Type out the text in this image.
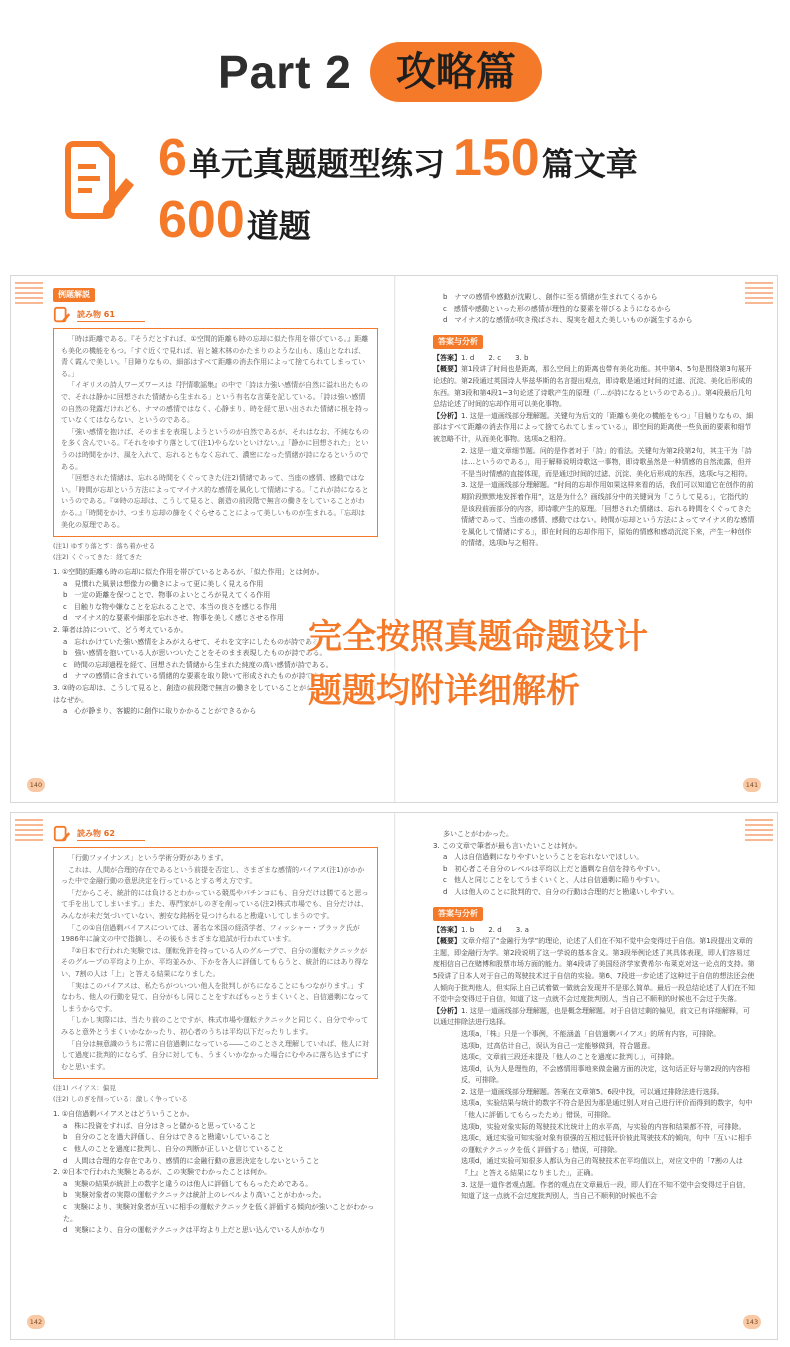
Part 2	攻略篇
6 单元真题题型练习 150 篇文章
600 道题
例题解説
読み物 61

「時は距離である。『そうだとすれば、①空間的距離も時の忘却に似た作用を帯びている。』距離も美化の機能をもつ。「すぐ近くで見れば、岩と雑木林のかたまりのような山も、遠山となれば、青く霞んで美しい。「目障りなもの、細部はすべて距離の消去作用によって捨てられてしまっている。」

「イギリスの詩人ワーズワースは『抒情歌謡集』の中で「詩は力強い感情が自然に溢れ出たもので、それは静かに回想された情緒から生まれる」という有名な言葉を記している。「詩は強い感情の自然の発露だけれども、ナマの感情ではなく、心静まり、時を経て思い出された情緒に根を持っていなくてはならない、というのである。

「強い感情を抱けば、そのままを表現しようというのが自然であるが、それはなお、不純なものを多く含んでいる。『それをゆすり落として(注1)やらないといけない。』「静かに回想された」というのは時間をかけ、風を入れて、忘れるともなく忘れて、濃密になった情緒が詩になるというのである。

「回想された情緒は、忘れる時間をくぐってきた(注2)情緒であって、当座の感情、感動ではない。「時間が忘却という方法によってマイナス的な感情を風化して情緒にする。「これが詩になるというのである。『②時の忘却は、こうして見ると、創造の前段階で無言の働きをしていることがわかる。』「時間をかけ、つまり忘却の篩をくぐらせることによって美しいものが生まれる。「忘却は美化の原理である。

(注1) ゆすり落とす：落ち着かせる
(注2) くぐってきた：経てきた
1. ①空間的距離も時の忘却に似た作用を帯びているとあるが、「似た作用」とは何か。
a　見慣れた風景は想像力の働きによって更に美しく見える作用
b　一定の距離を保つことで、物事のよいところが見えてくる作用
c　目触りな物や嫌なことを忘れることで、本当の良さを感じる作用
d　マイナス的な要素や細部を忘れさせ、物事を美しく感じさせる作用
2. 筆者は詩について、どう考えているか。
a　忘れかけていた強い感情をよみがえらせて、それを文字にしたものが詩である。
b　強い感情を抱いている人が思いついたことをそのまま表現したものが詩である。
c　時間の忘却過程を経て、回想された情緒から生まれた純度の高い感情が詩である。
d　ナマの感情に含まれている情緒的な要素を取り除いて形成されたものが詩である。
3. ②時の忘却は、こうして見ると、創造の前段階で無言の働きをしていることがわかるとあるが、それはなぜか。
a　心が静まり、客観的に創作に取りかかることができるから
140
b　ナマの感情や感動が沈殿し、創作に至る情緒が生まれてくるから
c　感情や感動といった形の感情が理性的な要素を帯びるようになるから
d　マイナス的な感情が吹き飛ばされ、現実を超えた美しいものが誕生するから
答案与分析

【答案】1. d　　2. c　　3. b

【概要】第1段讲了时间也是距离，那么空间上的距离也带有美化功能。其中第4、5句是围绕第3句展开论述的。第2段通过英国诗人华兹华斯的名言提出观点，即诗歌是通过时间的过滤、沉淀、美化后形成的东西。第3段和第4段1~3句论述了诗歌产生的原理（「…が詩になるというのである」）。第4段最后几句总结论述了时间的忘却作用可以美化事物。

【分析】1. 这是一道画线部分理解题。关键句为后文的「距離も美化の機能をもつ」「目触りなもの、細部はすべて距離の消去作用によって捨てられてしまっている」，即空间的距离使一些负面的要素和细节被忽略不计，从而美化事物。选项a之相符。

2. 这是一道文章细节题。问的是作者对于「詩」的看法。关键句为第2段第2句，其主干为「詩は…というのである」，用于解释说明诗歌这一事物，即诗歌虽然是一种情感的自然流露，但并不是当时情感的直接体现，而是通过时间的过滤、沉淀、美化后形成的东西，选项c与之相符。

3. 这是一道画线部分理解题。“时间的忘却作用如果这样来看的话，我们可以知道它在创作的前期阶段默默地发挥着作用”，这是为什么？画线部分中的关键词为「こうして見る」，它指代的是该段前面部分的内容，即诗歌产生的原理。「回想された情緒は、忘れる時間をくぐってきた情緒であって、当座の感情、感動ではない。時間が忘却という方法によってマイナス的な感情を風化して情緒にする」，即在时间的忘却作用下，原始的情感和感动沉淀下来，产生一种创作的情绪，选项b与之相符。

141
読み物 62

「行動ファイナンス」という学術分野があります。

これは、人間が合理的存在であるという前提を否定し、さまざまな感情的バイアス(注1)がかかった中で金融行動の意思決定を行っているとする考え方です。

「だからこそ、統計的には負けるとわかっている競馬やパチンコにも、自分だけは勝てると思って手を出してしまいます。」また、専門家がしのぎを削っている(注2)株式市場でも、自分だけは、みんなが未だ気づいていない、割安な銘柄を見つけられると勘違いしてしまうのです。

「この①自信過剰バイアスについては、著名な米国の経済学者、フィッシャー・ブラック氏が1986年に論文の中で指摘し、その後もさまざまな追試が行われています。

『②日本で行われた実験では、運転免許を持っている人のグループで、自分の運転テクニックがそのグループの平均より上か、平均並みか、下かを各人に評価してもらうと、統計的にはあり得ない、7割の人は「上」と答える結果になりました。

「実はこのバイアスは、私たちがついつい他人を批判しがちになることにもつながります。」すなわち、他人の行動を見て、自分がもし同じことをすればもっとうまくいくと、自信過剰になってしまうからです。

「しかし実際には、当たり前のことですが、株式市場や運転テクニックと同じく、自分でやってみると意外とうまくいかなかったり、初心者のうちは平均以下だったりします。

「自分は無意識のうちに常に自信過剰になっている――このことさえ理解していれば、他人に対して過度に批判的にならず、自分に対しても、うまくいかなかった場合にむやみに落ち込まずにすむと思います。

(注1) バイアス：偏見
(注2) しのぎを削っている：激しく争っている
1. ①自信過剰バイアスとはどういうことか。
a　株に投資をすれば、自分はきっと儲かると思っていること
b　自分のことを過大評価し、自分はできると勘違いしていること
c　他人のことを過度に批判し、自分の判断が正しいと信じていること
d　人間は合理的な存在であり、感情的に金融行動の意思決定をしないということ
2. ②日本で行われた実験とあるが、この実験でわかったことは何か。
a　実験の結果が統計上の数字と違うのは他人に評価してもらったためである。
b　実験対象者の実際の運転テクニックは統計上のレベルより高いことがわかった。
c　実験により、実験対象者が互いに相手の運転テクニックを低く評価する傾向が強いことがわかった。
d　実験により、自分の運転テクニックは平均より上だと思い込んでいる人がかなり
142
多いことがわかった。
3. この文章で筆者が最も言いたいことは何か。
a　人は自信過剰になりやすいということを忘れないでほしい。
b　初心者こそ自分のレベルは平均以上だと過剰な自信を持ちやすい。
c　他人と同じことをしてうまくいくと、人は自信過剰に陥りやすい。
d　人は他人のことに批判的で、自分の行動は合理的だと勘違いしやすい。
答案与分析

【答案】1. b　　2. d　　3. a

【概要】文章介绍了“金融行为学”的理论，论述了人们在不知不觉中会变得过于自信。第1段提出文章的主题，即金融行为学。第2段说明了这一学说的基本含义。第3段举例论述了其具体表现，即人们容易过度相信自己在赌博和股票市场方面的能力。第4段讲了美国经济学家费希尔·布莱克对这一论点的支持。第5段讲了日本人对于自己的驾驶技术过于自信的实验。第6、7段进一步论述了这种过于自信的想法还会使人倾向于批判他人，但实际上自己试着做一做就会发现并不是那么简单。最后一段总结论述了人们在不知不觉中会变得过于自信，知道了这一点就不会过度批判别人，当自己不顺利的时候也不会过于失落。

【分析】1. 这是一道画线部分理解题，也是概念理解题。对于自信过剩的偏见，前文已有详细解释，可以通过排除法进行选择。

选项a，「株」只是一个事例，不能涵盖「自信過剰バイアス」的所有内容，可排除。

选项b，过高估计自己，误认为自己一定能够做到，符合题意。

选项c，文章前三段还未提及「他人のことを過度に批判し」，可排除。

选项d，认为人是理性的，不会感情用事地来做金融方面的决定，这句话正好与第2段的内容相反，可排除。

2. 这是一道画线部分理解题。答案在文章第5、6段中找，可以通过排除法进行选择。

选项a，实验结果与统计的数字不符合是因为那是通过别人对自己进行评价而得到的数字，句中「他人に評価してもらったため」错误，可排除。

选项b，实验对象实际的驾驶技术比统计上的水平高，与实验的内容和结果都不符，可排除。

选项c，通过实验可知实验对象有很强的互相过低评价彼此驾驶技术的倾向，句中「互いに相手の運転テクニックを低く評価する」错误，可排除。

选项d，通过实验可知很多人都认为自己的驾驶技术在平均值以上，对应文中的「7割の人は『上』と答える結果になりました」，正确。

3. 这是一道作者观点题。作者的观点在文章最后一段，即人们在不知不觉中会变得过于自信，知道了这一点就不会过度批判别人，当自己不顺利的时候也不会

143
完全按照真题命题设计
题题均附详细解析
